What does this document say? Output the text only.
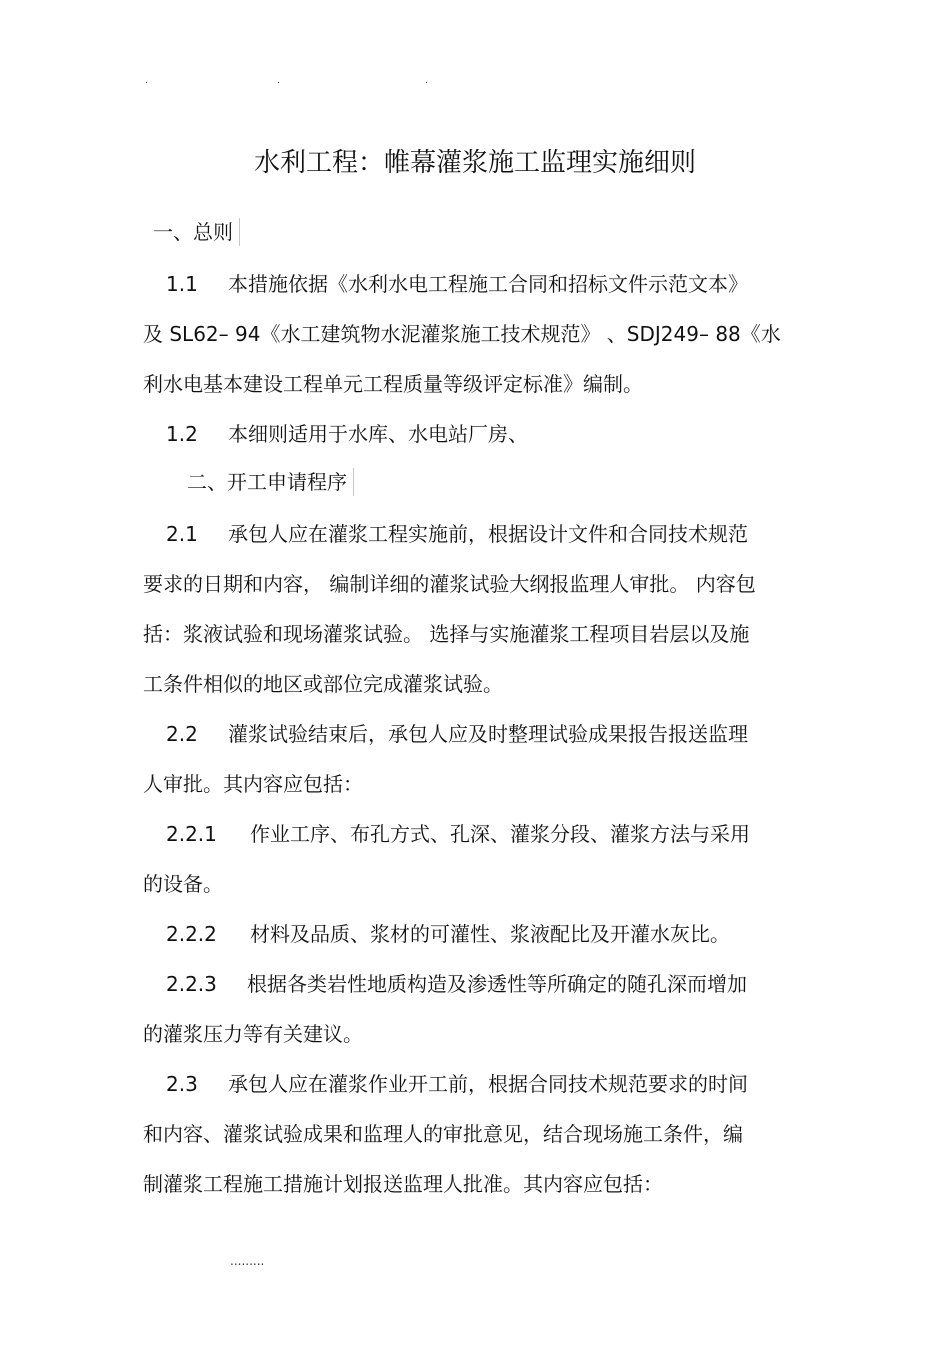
.	.	.
水利工程：帷幕灌浆施工监理实施细则
一、总则
1.1 本措施依据《水利水电工程施工合同和招标文件示范文本》
及 SL62– 94《水工建筑物水泥灌浆施工技术规范》 、SDJ249– 88《水
利水电基本建设工程单元工程质量等级评定标准》编制。
1.2 本细则适用于水库、水电站厂房、
二、开工申请程序
2.1 承包人应在灌浆工程实施前，根据设计文件和合同技术规范
要求的日期和内容， 编制详细的灌浆试验大纲报监理人审批。 内容包
括：浆液试验和现场灌浆试验。 选择与实施灌浆工程项目岩层以及施
工条件相似的地区或部位完成灌浆试验。
2.2 灌浆试验结束后，承包人应及时整理试验成果报告报送监理
人审批。其内容应包括：
2.2.1 作业工序、布孔方式、孔深、灌浆分段、灌浆方法与采用
的设备。
2.2.2 材料及品质、浆材的可灌性、浆液配比及开灌水灰比。
2.2.3 根据各类岩性地质构造及渗透性等所确定的随孔深而增加
的灌浆压力等有关建议。
2.3 承包人应在灌浆作业开工前，根据合同技术规范要求的时间
和内容、灌浆试验成果和监理人的审批意见，结合现场施工条件，编
制灌浆工程施工措施计划报送监理人批准。其内容应包括：
.........
